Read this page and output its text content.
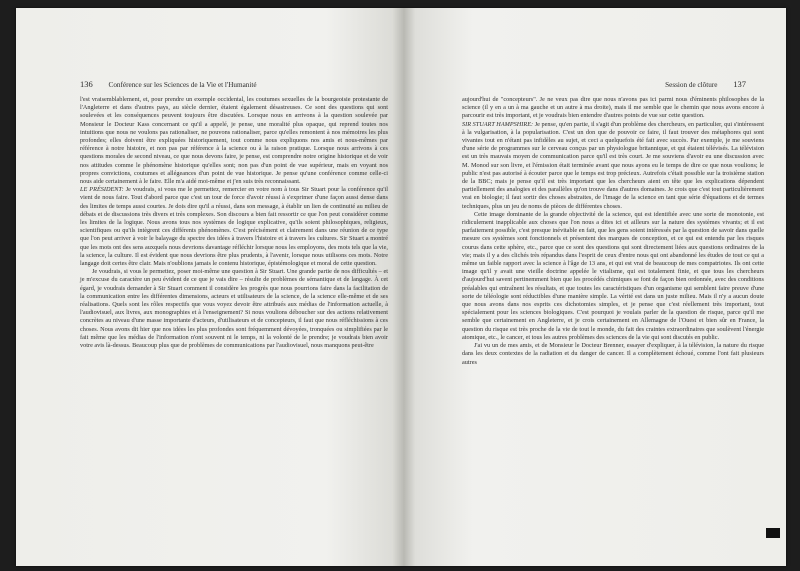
136 Conférence sur les Sciences de la Vie et l'Humanité

l'est vraisemblablement, et, pour prendre un exemple occidental, les coutumes sexuelles de la bourgeoisie protestante de l'Angleterre et dans d'autres pays, au siècle dernier, étaient également désastreuses. Ce sont des questions qui sont soulevées et les conséquences peuvent toujours être discutées. Lorsque nous en arrivons à la question soulevée par Monsieur le Docteur Kass concernant ce qu'il a appelé, je pense, une moralité plus opaque, qui reprend toutes nos intuitions que nous ne voulons pas rationaliser, ne pouvons rationaliser, parce qu'elles remontent à nos mémoires les plus profondes; elles doivent être expliquées historiquement, tout comme nous expliquons nos amis et nous-mêmes par référence à notre histoire, et non pas par référence à la science ou à la raison pratique. Lorsque nous arrivons à ces questions morales de second niveau, ce que nous devons faire, je pense, est comprendre notre origine historique et de voir nos attitudes comme le phénomène historique qu'elles sont; non pas d'un point de vue supérieur, mais en voyant nos propres convictions, coutumes et allégeances d'un point de vue historique. Je pense qu'une conférence comme celle-ci nous aide certainement à le faire. Elle m'a aidé moi-même et j'en suis très reconnaissant.

LE PRÉSIDENT: Je voudrais, si vous me le permettez, remercier en votre nom à tous Sir Stuart pour la conférence qu'il vient de nous faire. Tout d'abord parce que c'est un tour de force d'avoir réussi à s'exprimer d'une façon aussi dense dans des limites de temps aussi courtes. Je dois dire qu'il a réussi, dans son message, à établir un lien de continuité au milieu de débats et de discussions très divers et très complexes. Son discours a bien fait ressortir ce que l'on peut considérer comme les limites de la logique. Nous avons tous nos systèmes de logique explicative, qu'ils soient philosophiques, religieux, scientifiques ou qu'ils intègrent ces différents phénomènes. C'est précisément et clairement dans une réunion de ce type que l'on peut arriver à voir le balayage du spectre des idées à travers l'histoire et à travers les cultures. Sir Stuart a montré que les mots ont des sens auxquels nous devrions davantage réfléchir lorsque nous les employons, des mots tels que la vie, la science, la culture. Il est évident que nous devrions être plus prudents, à l'avenir, lorsque nous utilisons ces mots. Notre langage doit certes être clair. Mais n'oublions jamais le contenu historique, épistémologique et moral de cette question.

Je voudrais, si vous le permettez, poser moi-même une question à Sir Stuart. Une grande partie de nos difficultés – et je m'excuse du caractère un peu évident de ce que je vais dire – résulte de problèmes de sémantique et de langage. À cet égard, je voudrais demander à Sir Stuart comment il considère les progrès que nous pourrions faire dans la facilitation de la communication entre les différentes dimensions, acteurs et utilisateurs de la science, de la science elle-même et de ses réalisations. Quels sont les rôles respectifs que vous voyez devoir être attribués aux médias de l'information actuelle, à l'audiovisuel, aux livres, aux monographies et à l'enseignement? Si nous voulions déboucher sur des actions relativement concrètes au niveau d'une masse importante d'acteurs, d'utilisateurs et de concepteurs, il faut que nous réfléchissions à ces choses. Nous avons dit hier que nos idées les plus profondes sont fréquemment dévoyées, tronquées ou simplifiées par le fait même que les médias de l'information n'ont souvent ni le temps, ni la volonté de le prendre; je voudrais bien avoir votre avis là-dessus. Beaucoup plus que de problèmes de communications par l'audiovisuel, nous manquons peut-être

Session de clôture 137

aujourd'hui de "concepteurs". Je ne veux pas dire que nous n'avons pas ici parmi nous d'éminents philosophes de la science (il y en a un à ma gauche et un autre à ma droite), mais il me semble que le chemin que nous avons encore à parcourir est très important, et je voudrais bien entendre d'autres points de vue sur cette question.

SIR STUART HAMPSHIRE: Je pense, qu'en partie, il s'agit d'un problème des chercheurs, en particulier, qui s'intéressent à la vulgarisation, à la popularisation. C'est un don que de pouvoir ce faire, il faut trouver des métaphores qui sont vivantes tout en n'étant pas infidèles au sujet, et ceci a quelquefois été fait avec succès. Par exemple, je me souviens d'une série de programmes sur le cerveau conçus par un physiologue britannique, et qui étaient télévisés. La télévision est un très mauvais moyen de communication parce qu'il est très court. Je me souviens d'avoir eu une discussion avec M. Monod sur son livre, et l'émission était terminée avant que nous ayons eu le temps de dire ce que nous voulions; le public n'est pas autorisé à écouter parce que le temps est trop précieux. Autrefois c'était possible sur la troisième station de la BBC; mais je pense qu'il est très important que les chercheurs aient en tête que les explications dépendent partiellement des analogies et des parallèles qu'on trouve dans d'autres domaines. Je crois que c'est tout particulièrement vrai en biologie; il faut sortir des choses abstraites, de l'image de la science en tant que série d'équations et de termes techniques, plus un jeu de noms de pièces de différentes choses.

Cette image dominante de la grande objectivité de la science, qui est identifiée avec une sorte de monotonie, est ridiculement inapplicable aux choses que l'on nous a dites ici et ailleurs sur la nature des systèmes vivants; et il est parfaitement possible, c'est presque inévitable en fait, que les gens soient intéressés par la question de savoir dans quelle mesure ces systèmes sont fonctionnels et présentent des marques de conception, et ce qui est entendu par les risques courus dans cette sphère, etc., parce que ce sont des questions qui sont directement liées aux questions ordinaires de la vie; mais il y a des clichés très répandus dans l'esprit de ceux d'entre nous qui ont abandonné les études de tout ce qui a même un faible rapport avec la science à l'âge de 13 ans, et qui est vrai de beaucoup de mes compatriotes. Ils ont cette image qu'il y avait une vieille doctrine appelée le vitalisme, qui est totalement finie, et que tous les chercheurs d'aujourd'hui savent pertinemment bien que les procédés chimiques se font de façon bien ordonnée, avec des conditions préalables qui entraînent les résultats, et que toutes les caractéristiques d'un organisme qui semblent faire preuve d'une sorte de téléologie sont réductibles d'une manière simple. La vérité est dans un juste milieu. Mais il n'y a aucun doute que nous avons dans nos esprits ces dichotomies simples, et je pense que c'est réellement très important, tout spécialement pour les sciences biologiques. C'est pourquoi je voulais parler de la question de risque, parce qu'il me semble que certainement en Angleterre, et je crois certainement en Allemagne de l'Ouest et bien sûr en France, la question du risque est très proche de la vie de tout le monde, du fait des craintes extraordinaires que soulèvent l'énergie atomique, etc., le cancer, et tous les autres problèmes des sciences de la vie qui sont discutés en public.

J'ai vu un de mes amis, et de Monsieur le Docteur Brenner, essayer d'expliquer, à la télévision, la nature du risque dans les deux contextes de la radiation et du danger de cancer. Il a complètement échoué, comme l'ont fait plusieurs autres
